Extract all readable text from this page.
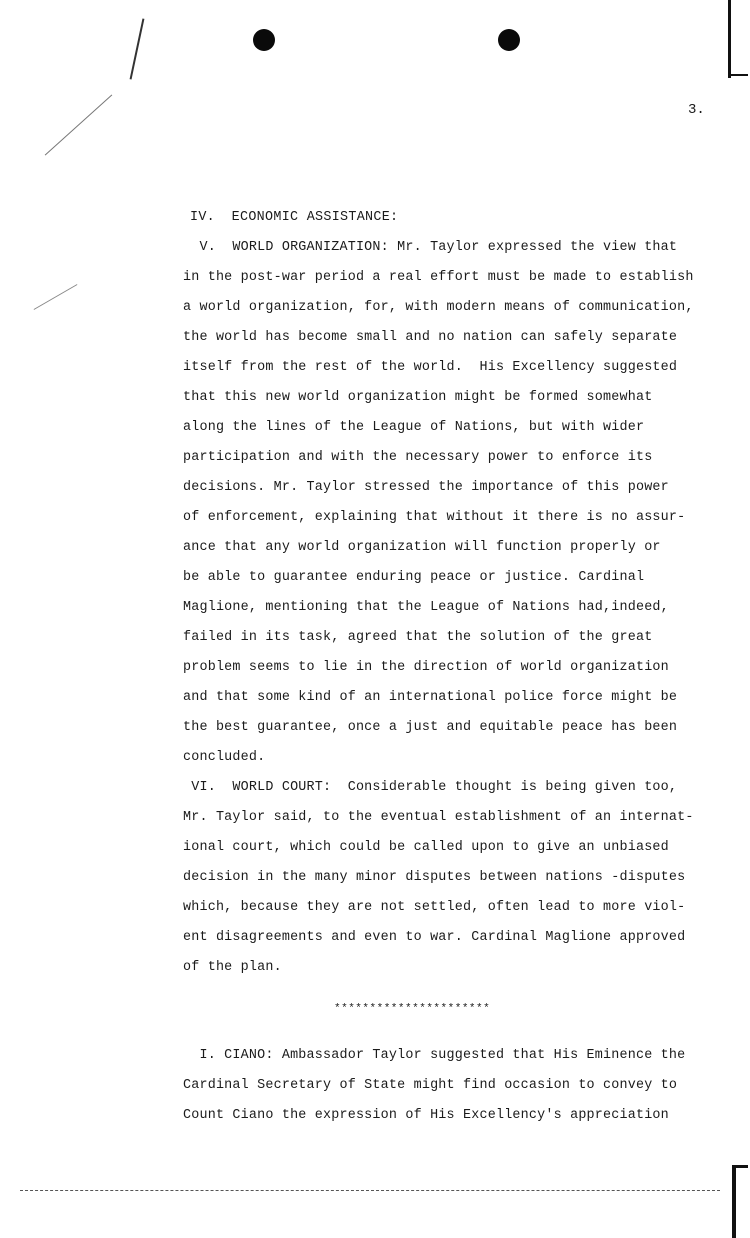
3.
IV.  ECONOMIC ASSISTANCE:
V.  WORLD ORGANIZATION: Mr. Taylor expressed the view that
in the post-war period a real effort must be made to establish
a world organization, for, with modern means of communication,
the world has become small and no nation can safely separate
itself from the rest of the world.  His Excellency suggested
that this new world organization might be formed somewhat
along the lines of the League of Nations, but with wider
participation and with the necessary power to enforce its
decisions. Mr. Taylor stressed the importance of this power
of enforcement, explaining that without it there is no assur-
ance that any world organization will function properly or
be able to guarantee enduring peace or justice. Cardinal
Maglione, mentioning that the League of Nations had,indeed,
failed in its task, agreed that the solution of the great
problem seems to lie in the direction of world organization
and that some kind of an international police force might be
the best guarantee, once a just and equitable peace has been
concluded.
VI.  WORLD COURT:  Considerable thought is being given too,
Mr. Taylor said, to the eventual establishment of an internat-
ional court, which could be called upon to give an unbiased
decision in the many minor disputes between nations -disputes
which, because they are not settled, often lead to more viol-
ent disagreements and even to war. Cardinal Maglione approved
of the plan.
**********************
I. CIANO: Ambassador Taylor suggested that His Eminence the
Cardinal Secretary of State might find occasion to convey to
Count Ciano the expression of His Excellency's appreciation
